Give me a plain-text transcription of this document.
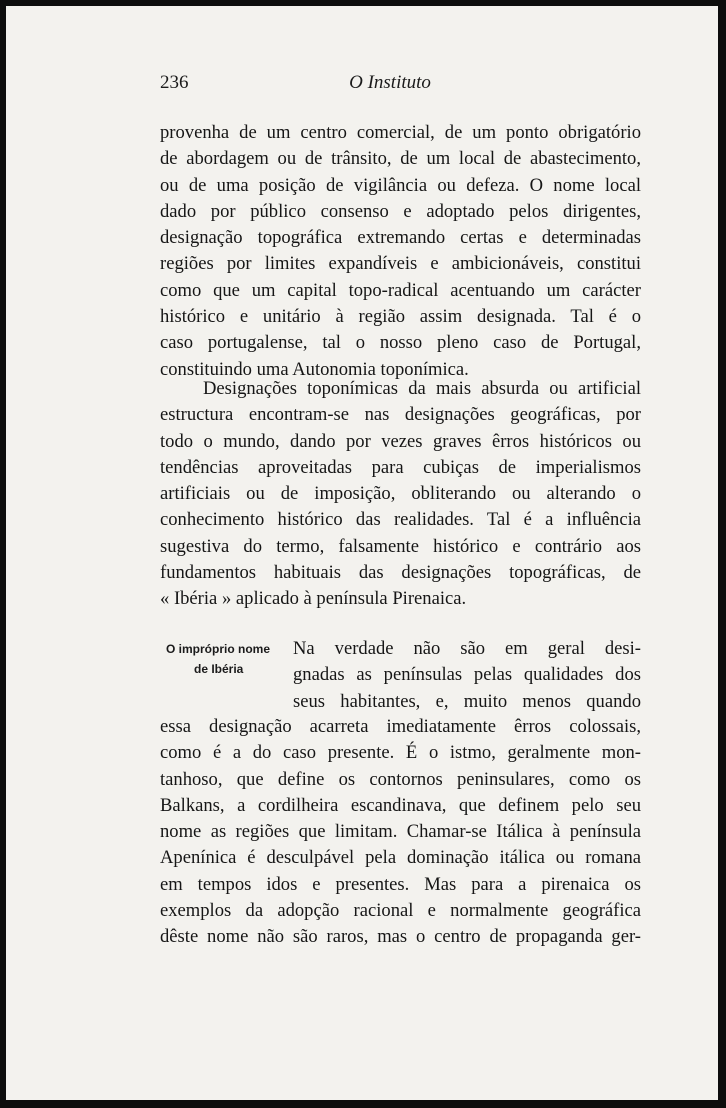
236	O Instituto
provenha de um centro comercial, de um ponto obrigatório
de abordagem ou de trânsito, de um local de abastecimento,
ou de uma posição de vigilância ou defeza. O nome local
dado por público consenso e adoptado pelos dirigentes,
designação topográfica extremando certas e determinadas
regiões por limites expandíveis e ambicionáveis, constitui
como que um capital topo-radical acentuando um carácter
histórico e unitário à região assim designada. Tal é o
caso portugalense, tal o nosso pleno caso de Portugal,
constituindo uma Autonomia toponímica.
Designações toponímicas da mais absurda ou artificial
estructura encontram-se nas designações geográficas, por
todo o mundo, dando por vezes graves êrros históricos ou
tendências aproveitadas para cubiças de imperialismos
artificiais ou de imposição, obliterando ou alterando o
conhecimento histórico das realidades. Tal é a influência
sugestiva do termo, falsamente histórico e contrário aos
fundamentos habituais das designações topográficas, de
« Ibéria » aplicado à península Pirenaica.
O impróprio nome
de Ibéria
Na verdade não são em geral desi-
gnadas as penínsulas pelas qualidades dos
seus habitantes, e, muito menos quando
essa designação acarreta imediatamente êrros colossais,
como é a do caso presente. É o istmo, geralmente mon-
tanhoso, que define os contornos peninsulares, como os
Balkans, a cordilheira escandinava, que definem pelo seu
nome as regiões que limitam. Chamar-se Itálica à península
Apenínica é desculpável pela dominação itálica ou romana
em tempos idos e presentes. Mas para a pirenaica os
exemplos da adopção racional e normalmente geográfica
dêste nome não são raros, mas o centro de propaganda ger-
